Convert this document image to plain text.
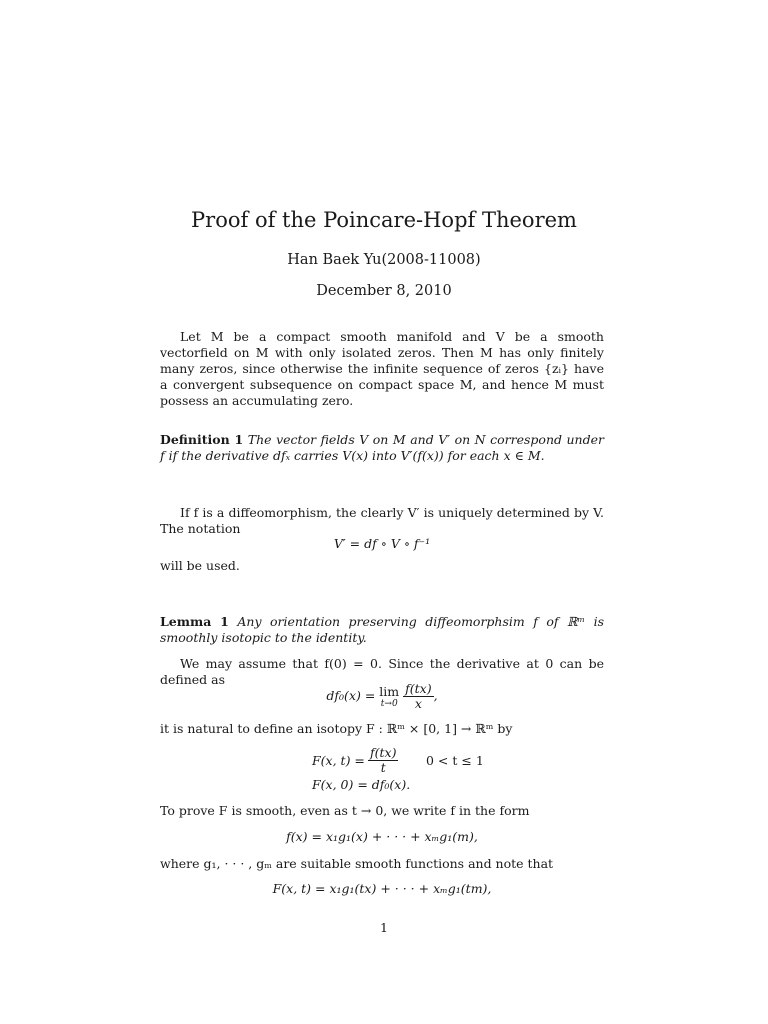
Proof of the Poincare-Hopf Theorem
Han Baek Yu(2008-11008)
December 8, 2010
Let M be a compact smooth manifold and V be a smooth vectorfield on M with only isolated zeros. Then M has only finitely many zeros, since otherwise the infinite sequence of zeros {zᵢ} have a convergent subsequence on compact space M, and hence M must possess an accumulating zero.
Definition 1 The vector fields V on M and V′ on N correspond under f if the derivative dfₓ carries V(x) into V′(f(x)) for each x ∈ M.
If f is a diffeomorphism, the clearly V′ is uniquely determined by V. The notation
V′ = df ∘ V ∘ f⁻¹
will be used.
Lemma 1 Any orientation preserving diffeomorphsim f of ℝᵐ is smoothly isotopic to the identity.
We may assume that f(0) = 0. Since the derivative at 0 can be defined as
df₀(x) = lim
t→0
$\frac{f(tx)}{x}$ ,
it is natural to define an isotopy F : ℝᵐ × [0, 1] → ℝᵐ by
F(x, $t) = \frac{f(tx)}{t} 0 < t \le 1$
F(x, 0) = df₀(x).
To prove F is smooth, even as t → 0, we write f in the form
f(x) = x₁g₁(x) + · · · + xₘg₁(m),
where g₁, · · · , gₘ are suitable smooth functions and note that
F(x, t) = x₁g₁(tx) + · · · + xₘg₁(tm),
1
